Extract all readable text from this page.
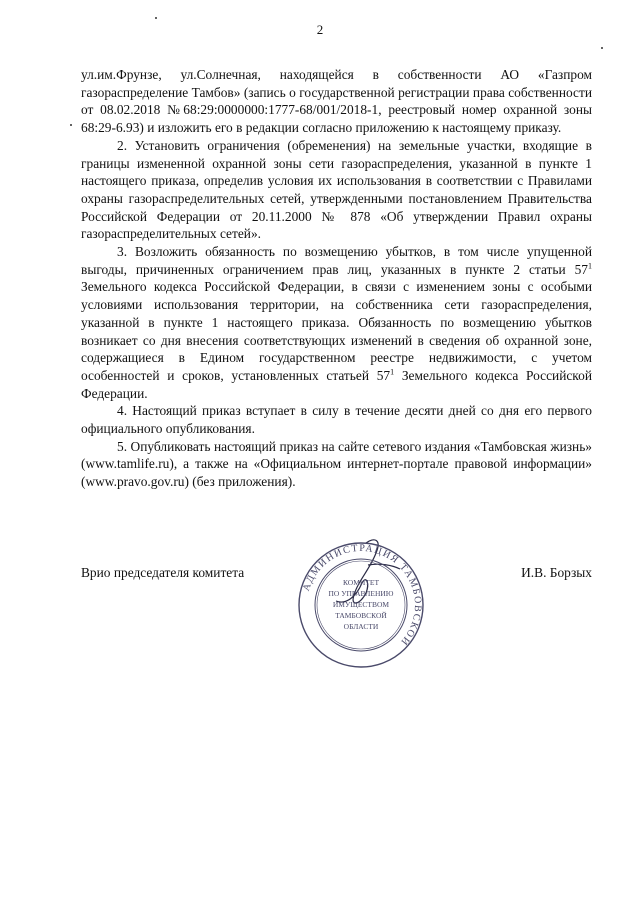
2

ул.им.Фрунзе, ул.Солнечная, находящейся в собственности АО «Газпром газораспределение Тамбов» (запись о государственной регистрации права собственности от 08.02.2018 №68:29:0000000:1777-68/001/2018-1, реестровый номер охранной зоны 68:29-6.93) и изложить его в редакции согласно приложению к настоящему приказу.

2. Установить ограничения (обременения) на земельные участки, входящие в границы измененной охранной зоны сети газораспределения, указанной в пункте 1 настоящего приказа, определив условия их использования в соответствии с Правилами охраны газораспределительных сетей, утвержденными постановлением Правительства Российской Федерации от 20.11.2000 № 878 «Об утверждении Правил охраны газораспределительных сетей».

3. Возложить обязанность по возмещению убытков, в том числе упущенной выгоды, причиненных ограничением прав лиц, указанных в пункте 2 статьи $57^1$ Земельного кодекса Российской Федерации, в связи с изменением зоны с особыми условиями использования территории, на собственника сети газораспределения, указанной в пункте 1 настоящего приказа. Обязанность по возмещению убытков возникает со дня внесения соответствующих изменений в сведения об охранной зоне, содержащиеся в Едином государственном реестре недвижимости, с учетом особенностей и сроков, установленных статьей $57^1$ Земельного кодекса Российской Федерации.

4. Настоящий приказ вступает в силу в течение десяти дней со дня его первого официального опубликования.

5. Опубликовать настоящий приказ на сайте сетевого издания «Тамбовская жизнь» (www.tamlife.ru), а также на «Официальном интернет-портале правовой информации» (www.pravo.gov.ru) (без приложения).

Врио председателя комитета	И.В. Борзых
АДМИНИСТРАЦИЯ ТАМБОВСКОЙ
КОМИТЕТ
ПО УПРАВЛЕНИЮ
ИМУЩЕСТВОМ
ТАМБОВСКОЙ
ОБЛАСТИ
